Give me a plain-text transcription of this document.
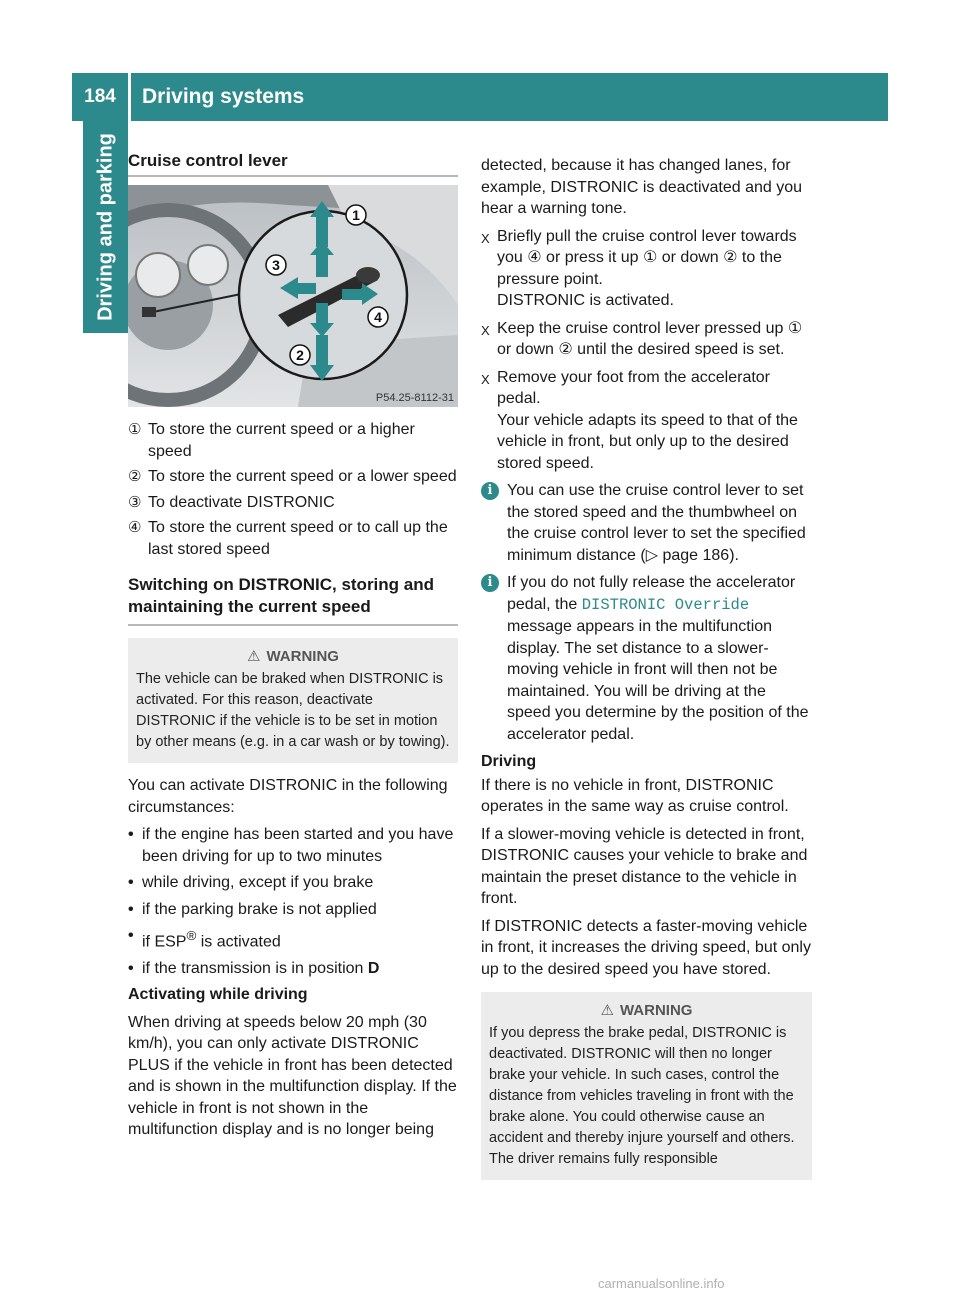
184	Driving systems
Driving and parking Cruise control lever
1
2
3
4
P54.25-8112-31
① To store the current speed or a higher speed
② To store the current speed or a lower speed
③ To deactivate DISTRONIC
④ To store the current speed or to call up the last stored speed
Switching on DISTRONIC, storing and maintaining the current speed
⚠ WARNING
The vehicle can be braked when DISTRONIC is activated. For this reason, deactivate DISTRONIC if the vehicle is to be set in motion by other means (e.g. in a car wash or by towing).

You can activate DISTRONIC in the following circumstances:

• if the engine has been started and you have been driving for up to two minutes
• while driving, except if you brake
• if the parking brake is not applied
• if ESP® is activated
• if the transmission is in position D

Activating while driving

When driving at speeds below 20 mph (30 km/h), you can only activate DISTRONIC PLUS if the vehicle in front has been detected and is shown in the multifunction display. If the vehicle in front is not shown in the multifunction display and is no longer being

detected, because it has changed lanes, for example, DISTRONIC is deactivated and you hear a warning tone.

X Briefly pull the cruise control lever towards you ④ or press it up ① or down ② to the pressure point.
DISTRONIC is activated.
X Keep the cruise control lever pressed up ① or down ② until the desired speed is set.
X Remove your foot from the accelerator pedal.
Your vehicle adapts its speed to that of the vehicle in front, but only up to the desired stored speed.
i You can use the cruise control lever to set the stored speed and the thumbwheel on the cruise control lever to set the specified minimum distance (▷ page 186).
i If you do not fully release the accelerator pedal, the DISTRONIC Override message appears in the multifunction display. The set distance to a slower-moving vehicle in front will then not be maintained. You will be driving at the speed you determine by the position of the accelerator pedal.

Driving

If there is no vehicle in front, DISTRONIC operates in the same way as cruise control.

If a slower-moving vehicle is detected in front, DISTRONIC causes your vehicle to brake and maintain the preset distance to the vehicle in front.

If DISTRONIC detects a faster-moving vehicle in front, it increases the driving speed, but only up to the desired speed you have stored.

⚠ WARNING
If you depress the brake pedal, DISTRONIC is deactivated. DISTRONIC will then no longer brake your vehicle. In such cases, control the distance from vehicles traveling in front with the brake alone. You could otherwise cause an accident and thereby injure yourself and others. The driver remains fully responsible
carmanualsonline.info
